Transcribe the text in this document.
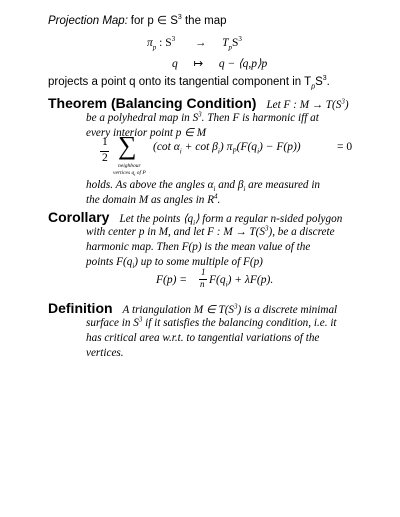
Projection Map: for p ∈ $S^3$ the map
$\pi_p$ : $S^3 \to T_pS^3$
q ↦ q − ⟨q,p⟩p
projects a point q onto its tangential component in $T_pS^3$.
Theorem (Balancing Condition) Let F : $M \to T(S^3)$
be a polyhedral map in $S^3$. Then F is harmonic iff at
every interior point p ∈ M
1
2 ∑
neighbour
vertices $q_i$ of P
(cot $\alpha_i + \cot \beta_i$) $\pi_P(F(q_i) - F(p))$	= 0
holds. As above the angles $\alpha_i$ and $\beta_i$ are measured in
the domain M as angles in $R^4$.
Corollary Let the points $⟨q_i⟩$ form a regular n-sided polygon
with center p in M, and let F : $M \to T(S^3)$, be a discrete
harmonic map. Then F(p) is the mean value of the
points $F(q_i)$ up to some multiple of F(p)
F(p) =
1
n $F(q_i) + \lambda F(p)$.
Definition A triangulation M ∈ $T(S^3)$ is a discrete minimal
surface in $S^3$ if it satisfies the balancing condition, i.e. it
has critical area w.r.t. to tangential variations of the
vertices.
